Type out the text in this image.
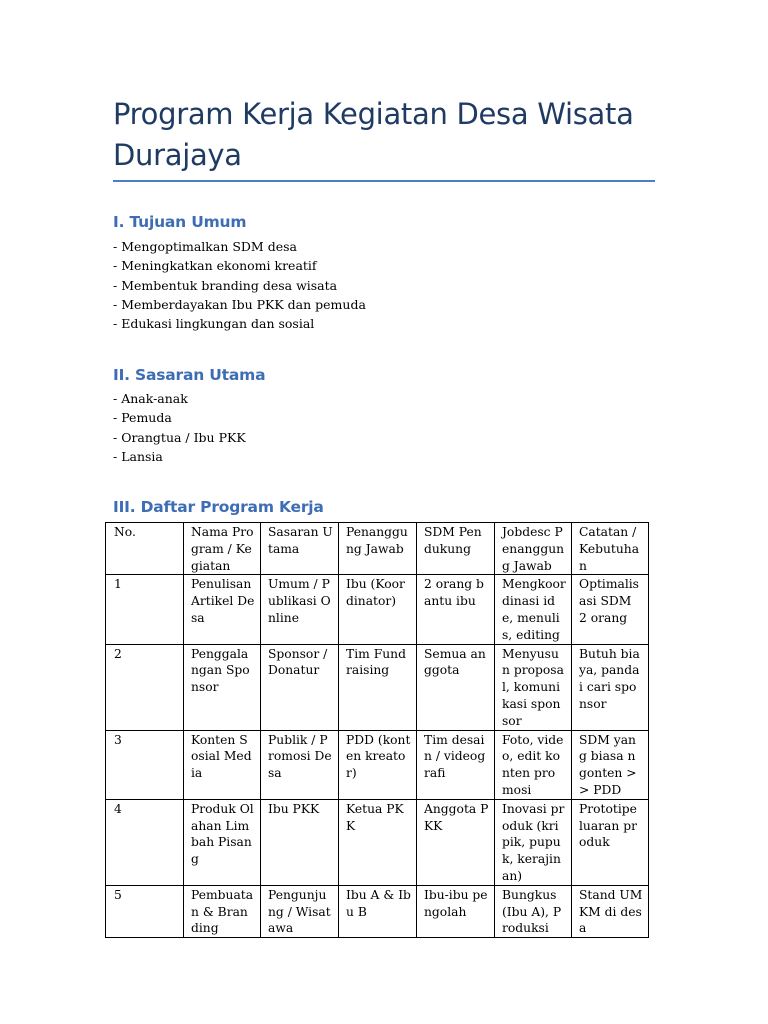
Program Kerja Kegiatan Desa Wisata Durajaya
I. Tujuan Umum
- Mengoptimalkan SDM desa
- Meningkatkan ekonomi kreatif
- Membentuk branding desa wisata
- Memberdayakan Ibu PKK dan pemuda
- Edukasi lingkungan dan sosial
II. Sasaran Utama
- Anak-anak
- Pemuda
- Orangtua / Ibu PKK
- Lansia
III. Daftar Program Kerja
No.	Nama Program / Kegiatan	Sasaran Utama	Penanggung Jawab	SDM Pendukung	Jobdesc Penanggung Jawab	Catatan / Kebutuhan
1	Penulisan Artikel Desa	Umum / Publikasi Online	Ibu (Koordinator)	2 orang bantu ibu	Mengkoordinasi ide, menulis, editing	Optimalisasi SDM 2 orang
2	Penggalangan Sponsor	Sponsor / Donatur	Tim Fundraising	Semua anggota	Menyusun proposal, komunikasi sponsor	Butuh biaya, pandai cari sponsor
3	Konten Sosial Media	Publik / Promosi Desa	PDD (konten kreator)	Tim desain / videografi	Foto, video, edit konten promosi	SDM yang biasa ngonten >> PDD
4	Produk Olahan Limbah Pisang	Ibu PKK	Ketua PKK	Anggota PKK	Inovasi produk (kripik, pupuk, kerajinan)	Prototipe luaran produk
5	Pembuatan & Branding	Pengunjung / Wisatawa	Ibu A & Ibu B	Ibu-ibu pengolah	Bungkus (Ibu A), Produksi	Stand UMKM di desa
